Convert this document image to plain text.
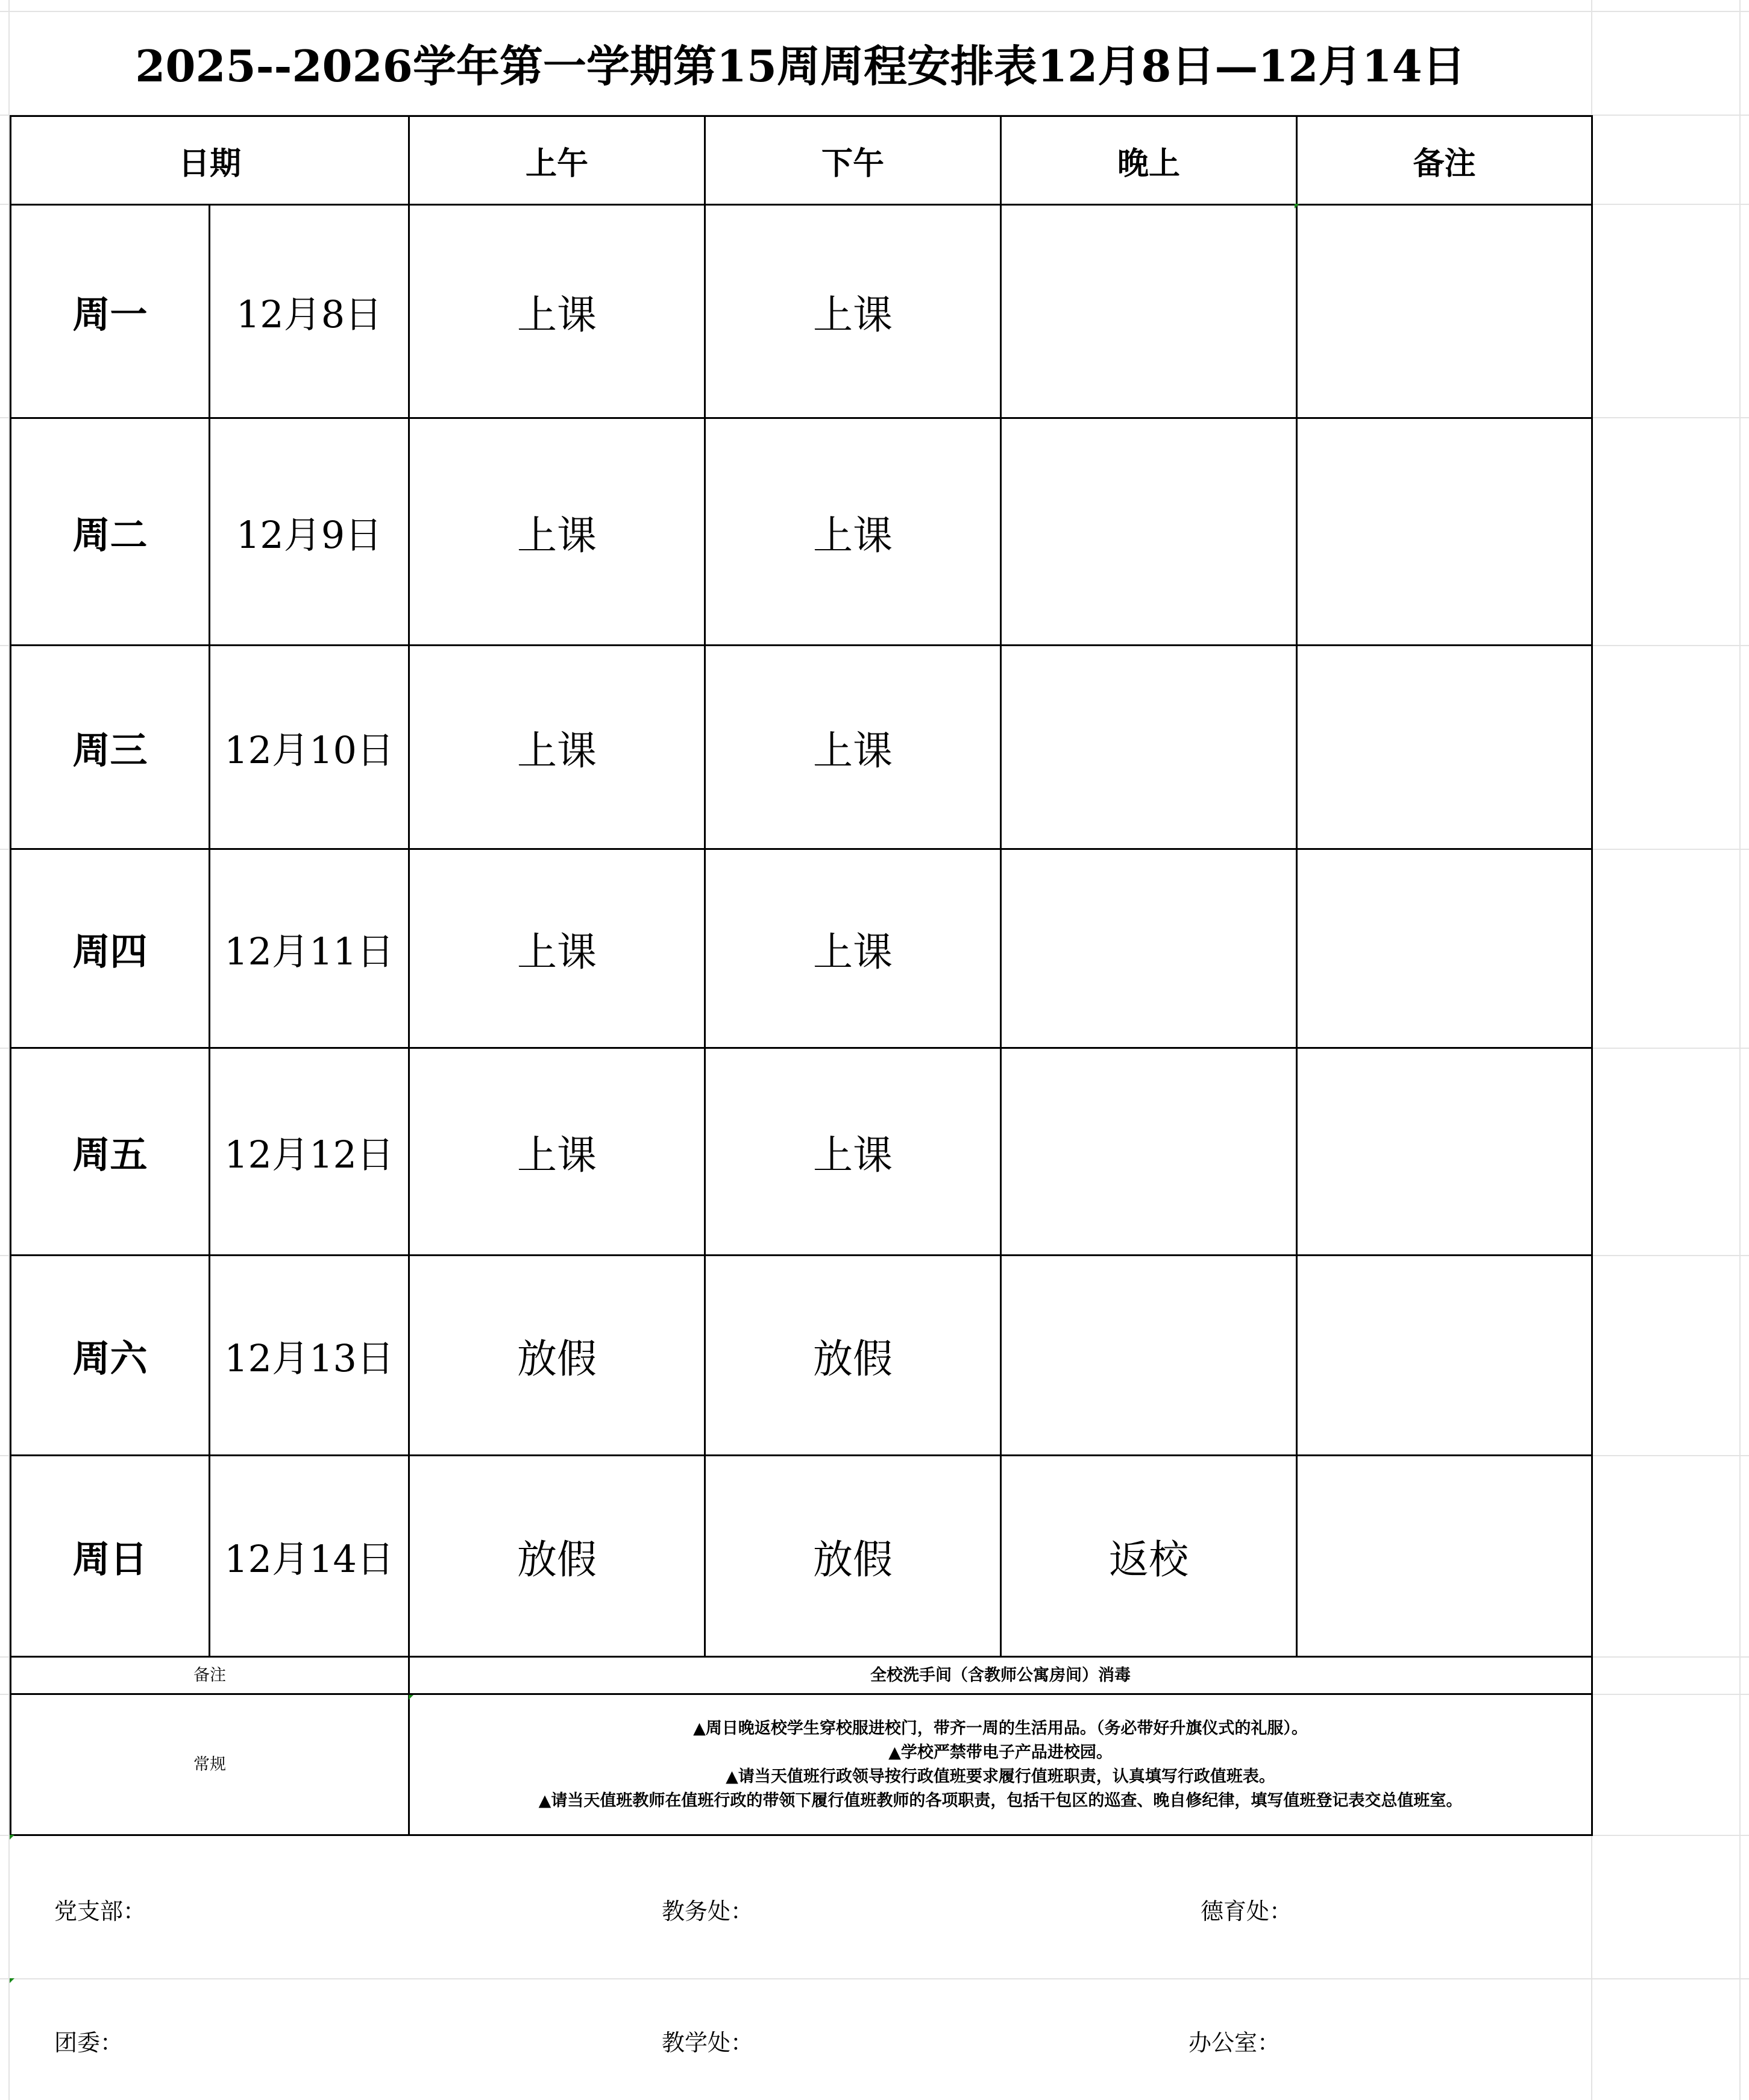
2025--2026学年第一学期第15周周程安排表12月8日—12月14日
日期		上午	下午	晚上	备注
周一	12月8日	上课	上课		
周二	12月9日	上课	上课		
周三	12月10日	上课	上课		
周四	12月11日	上课	上课		
周五	12月12日	上课	上课		
周六	12月13日	放假	放假		
周日	12月14日	放假	放假	返校	
备注		全校洗手间（含教师公寓房间）消毒			
常规		▲周日晚返校学生穿校服进校门，带齐一周的生活用品。（务必带好升旗仪式的礼服）。
▲学校严禁带电子产品进校园。
▲请当天值班行政领导按行政值班要求履行值班职责，认真填写行政值班表。
▲请当天值班教师在值班行政的带领下履行值班教师的各项职责，包括干包区的巡查、晚自修纪律，填写值班登记表交总值班室。			
党支部：	教务处：	德育处：
团委：	教学处：	办公室：
